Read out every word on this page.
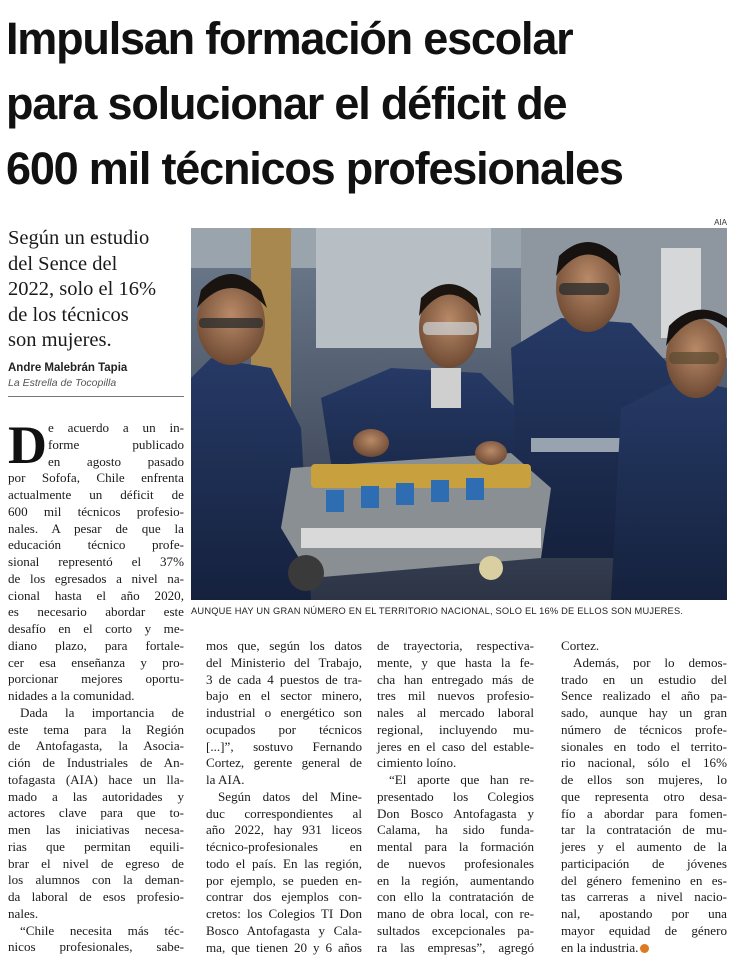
Impulsan formación escolar
para solucionar el déficit de
600 mil técnicos profesionales
Según un estudio
del Sence del
2022, solo el 16%
de los técnicos
son mujeres.
Andre Malebrán Tapia
La Estrella de Tocopilla
AIA
AUNQUE HAY UN GRAN NÚMERO EN EL TERRITORIO NACIONAL, SOLO EL 16% DE ELLOS SON MUJERES.
D e acuerdo a un in-
forme publicado
en agosto pasado
por Sofofa, Chile enfrenta
actualmente un déficit de
600 mil técnicos profesio-
nales. A pesar de que la
educación técnico profe-
sional representó el 37%
de los egresados a nivel na-
cional hasta el año 2020,
es necesario abordar este
desafío en el corto y me-
diano plazo, para fortale-
cer esa enseñanza y pro-
porcionar mejores oportu-
nidades a la comunidad.

Dada la importancia de
este tema para la Región
de Antofagasta, la Asocia-
ción de Industriales de An-
tofagasta (AIA) hace un lla-
mado a las autoridades y
actores clave para que to-
men las iniciativas necesa-
rias que permitan equili-
brar el nivel de egreso de
los alumnos con la deman-
da laboral de esos profesio-
nales.

“Chile necesita más téc-
nicos profesionales, sabe-

mos que, según los datos
del Ministerio del Trabajo,
3 de cada 4 puestos de tra-
bajo en el sector minero,
industrial o energético son
ocupados por técnicos
[...]”, sostuvo Fernando
Cortez, gerente general de
la AIA.

Según datos del Mine-
duc correspondientes al
año 2022, hay 931 liceos
técnico-profesionales en
todo el país. En las región,
por ejemplo, se pueden en-
contrar dos ejemplos con-
cretos: los Colegios TI Don
Bosco Antofagasta y Cala-
ma, que tienen 20 y 6 años

de trayectoria, respectiva-
mente, y que hasta la fe-
cha han entregado más de
tres mil nuevos profesio-
nales al mercado laboral
regional, incluyendo mu-
jeres en el caso del estable-
cimiento loíno.

“El aporte que han re-
presentado los Colegios
Don Bosco Antofagasta y
Calama, ha sido funda-
mental para la formación
de nuevos profesionales
en la región, aumentando
con ello la contratación de
mano de obra local, con re-
sultados excepcionales pa-
ra las empresas”, agregó

Cortez.

Además, por lo demos-
trado en un estudio del
Sence realizado el año pa-
sado, aunque hay un gran
número de técnicos profe-
sionales en todo el territo-
rio nacional, sólo el 16%
de ellos son mujeres, lo
que representa otro desa-
fío a abordar para fomen-
tar la contratación de mu-
jeres y el aumento de la
participación de jóvenes
del género femenino en es-
tas carreras a nivel nacio-
nal, apostando por una
mayor equidad de género
en la industria.
